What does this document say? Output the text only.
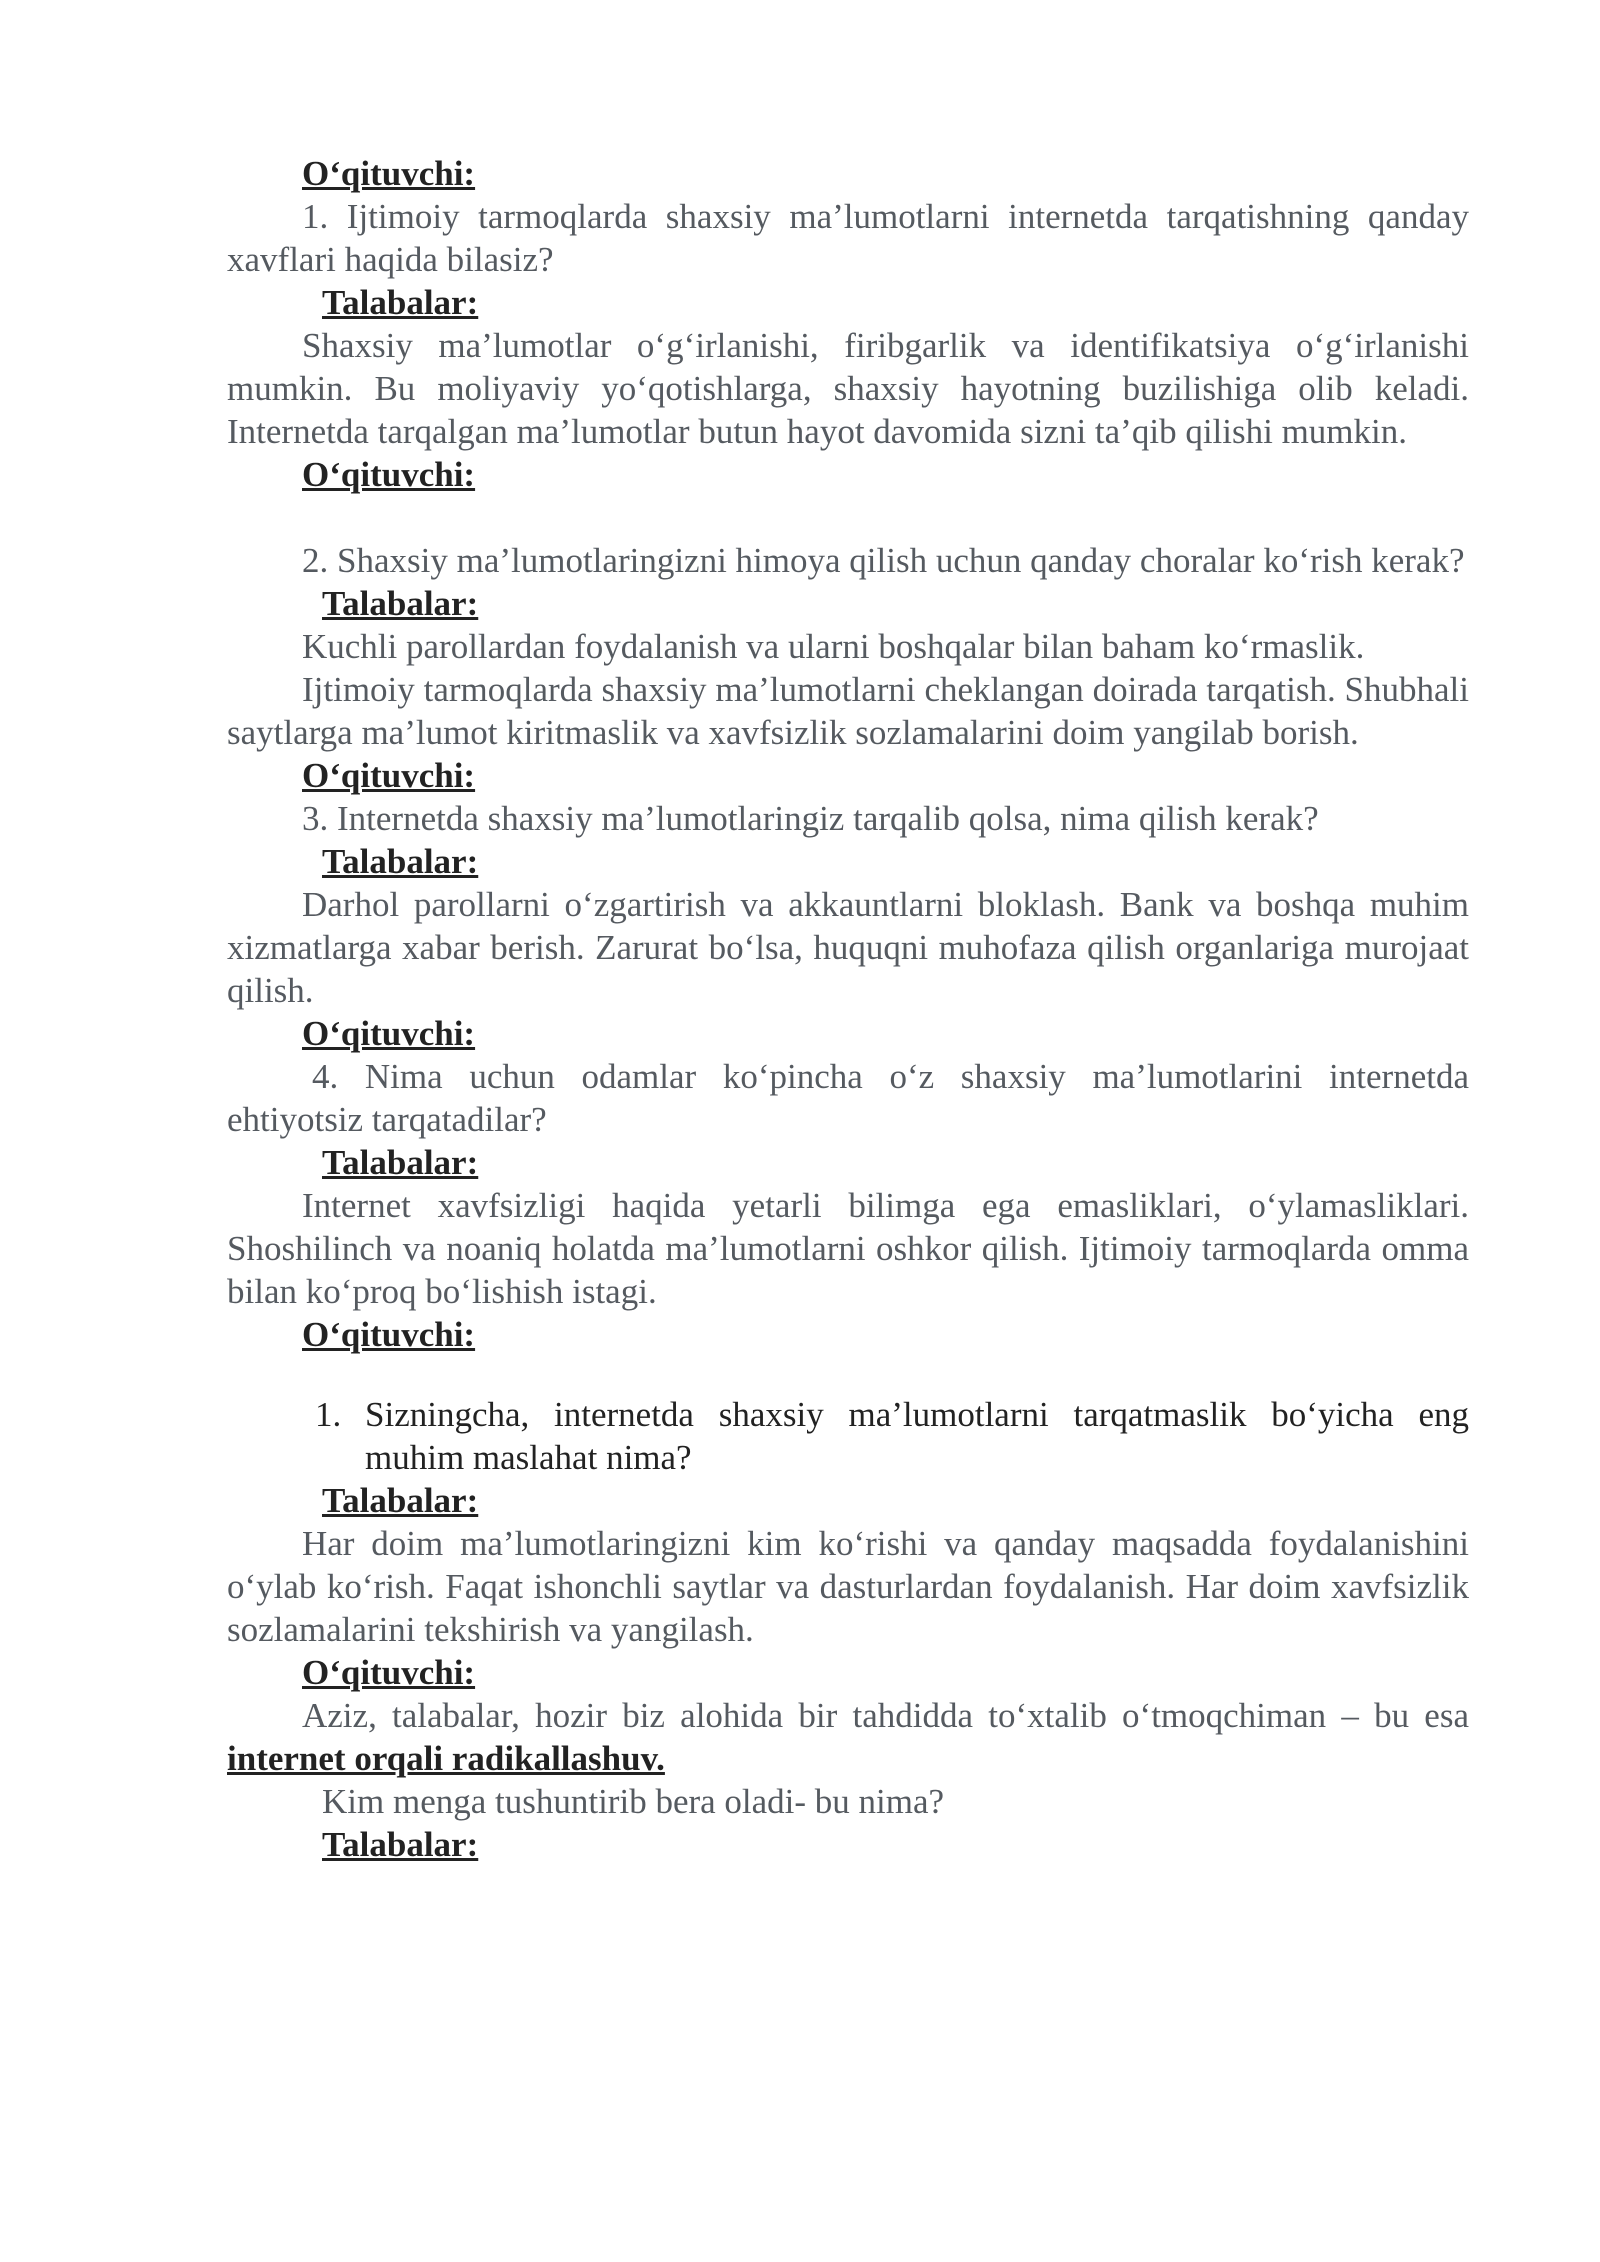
O‘qituvchi:

1. Ijtimoiy tarmoqlarda shaxsiy ma’lumotlarni internetda tarqatishning qanday xavflari haqida bilasiz?

Talabalar:

Shaxsiy ma’lumotlar o‘g‘irlanishi, firibgarlik va identifikatsiya o‘g‘irlanishi mumkin. Bu moliyaviy yo‘qotishlarga, shaxsiy hayotning buzilishiga olib keladi. Internetda tarqalgan ma’lumotlar butun hayot davomida sizni ta’qib qilishi mumkin.

O‘qituvchi:

2. Shaxsiy ma’lumotlaringizni himoya qilish uchun qanday choralar ko‘rish kerak?

Talabalar:

Kuchli parollardan foydalanish va ularni boshqalar bilan baham ko‘rmaslik.

Ijtimoiy tarmoqlarda shaxsiy ma’lumotlarni cheklangan doirada tarqatish. Shubhali saytlarga ma’lumot kiritmaslik va xavfsizlik sozlamalarini doim yangilab borish.

O‘qituvchi:

3. Internetda shaxsiy ma’lumotlaringiz tarqalib qolsa, nima qilish kerak?

Talabalar:

Darhol parollarni o‘zgartirish va akkauntlarni bloklash. Bank va boshqa muhim xizmatlarga xabar berish. Zarurat bo‘lsa, huquqni muhofaza qilish organlariga murojaat qilish.

O‘qituvchi:

4. Nima uchun odamlar ko‘pincha o‘z shaxsiy ma’lumotlarini internetda ehtiyotsiz tarqatadilar?

Talabalar:

Internet xavfsizligi haqida yetarli bilimga ega emasliklari, o‘ylamasliklari. Shoshilinch va noaniq holatda ma’lumotlarni oshkor qilish. Ijtimoiy tarmoqlarda omma bilan ko‘proq bo‘lishish istagi.

O‘qituvchi:

1. Sizningcha, internetda shaxsiy ma’lumotlarni tarqatmaslik bo‘yicha eng muhim maslahat nima?

Talabalar:

Har doim ma’lumotlaringizni kim ko‘rishi va qanday maqsadda foydalanishini o‘ylab ko‘rish. Faqat ishonchli saytlar va dasturlardan foydalanish. Har doim xavfsizlik sozlamalarini tekshirish va yangilash.

O‘qituvchi:

Aziz, talabalar, hozir biz alohida bir tahdidda to‘xtalib o‘tmoqchiman – bu esa internet orqali radikallashuv.

Kim menga tushuntirib bera oladi- bu nima?

Talabalar:
